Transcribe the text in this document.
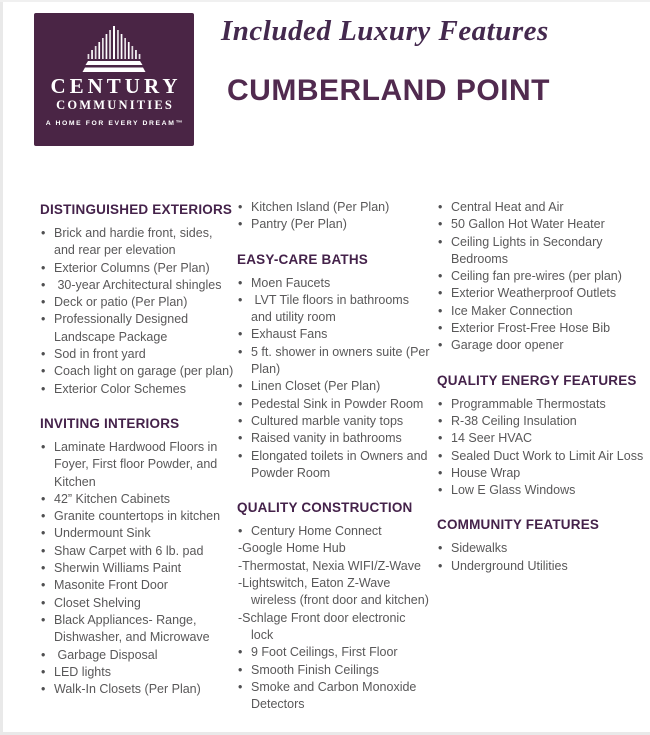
CENTURY
COMMUNITIES
A HOME FOR EVERY DREAM™
Included Luxury Features
CUMBERLAND POINT
DISTINGUISHED EXTERIORS
• Brick and hardie front, sides, and rear per elevation
• Exterior Columns (Per Plan)
• 30-year Architectural shingles
• Deck or patio (Per Plan)
• Professionally Designed Landscape Package
• Sod in front yard
• Coach light on garage (per plan)
• Exterior Color Schemes
INVITING INTERIORS
• Laminate Hardwood Floors in Foyer, First floor Powder, and Kitchen
• 42” Kitchen Cabinets
• Granite countertops in kitchen
• Undermount Sink
• Shaw Carpet with 6 lb. pad
• Sherwin Williams Paint
• Masonite Front Door
• Closet Shelving
• Black Appliances- Range, Dishwasher, and Microwave
• Garbage Disposal
• LED lights
• Walk-In Closets (Per Plan)
• Kitchen Island (Per Plan)
• Pantry (Per Plan)
EASY-CARE BATHS
• Moen Faucets
• LVT Tile floors in bathrooms and utility room
• Exhaust Fans
• 5 ft. shower in owners suite (Per Plan)
• Linen Closet (Per Plan)
• Pedestal Sink in Powder Room
• Cultured marble vanity tops
• Raised vanity in bathrooms
• Elongated toilets in Owners and Powder Room
QUALITY CONSTRUCTION
• Century Home Connect
-Google Home Hub
-Thermostat, Nexia WIFI/Z-Wave
-Lightswitch, Eaton Z-Wave wireless (front door and kitchen)
-Schlage Front door electronic lock
• 9 Foot Ceilings, First Floor
• Smooth Finish Ceilings
• Smoke and Carbon Monoxide Detectors
• Central Heat and Air
• 50 Gallon Hot Water Heater
• Ceiling Lights in Secondary Bedrooms
• Ceiling fan pre-wires (per plan)
• Exterior Weatherproof Outlets
• Ice Maker Connection
• Exterior Frost-Free Hose Bib
• Garage door opener
QUALITY ENERGY FEATURES
• Programmable Thermostats
• R-38 Ceiling Insulation
• 14 Seer HVAC
• Sealed Duct Work to Limit Air Loss
• House Wrap
• Low E Glass Windows
COMMUNITY FEATURES
• Sidewalks
• Underground Utilities
